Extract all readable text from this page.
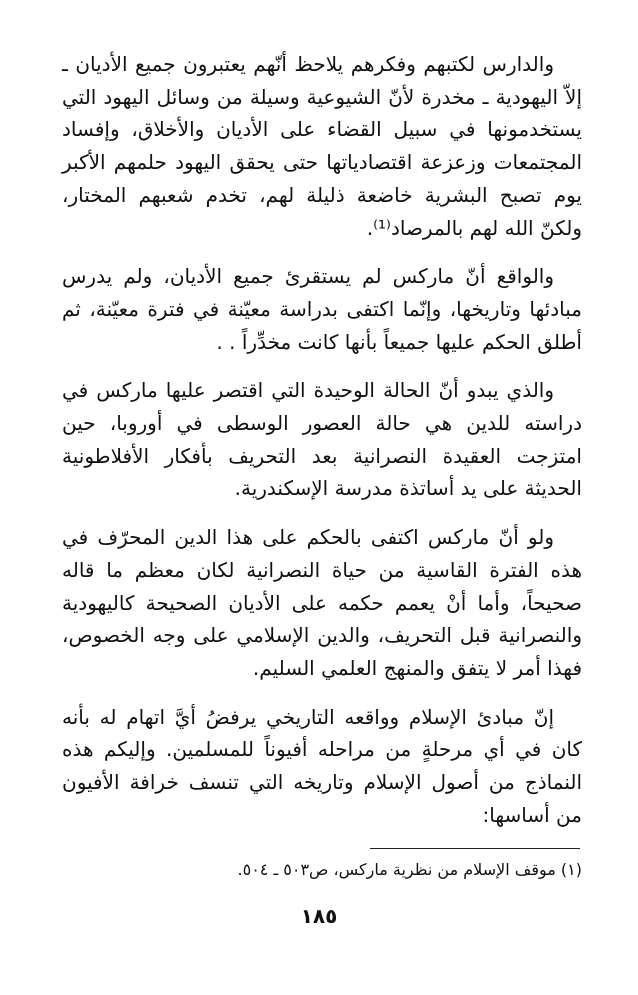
والدارس لكتبهم وفكرهم يلاحظ أنّهم يعتبرون جميع الأديان ـ إلاّ اليهودية ـ مخدرة لأنّ الشيوعية وسيلة من وسائل اليهود التي يستخدمونها في سبيل القضاء على الأديان والأخلاق، وإفساد المجتمعات وزعزعة اقتصادياتها حتى يحقق اليهود حلمهم الأكبر يوم تصبح البشرية خاضعة ذليلة لهم، تخدم شعبهم المختار، ولكنّ الله لهم بالمرصاد⁽¹⁾.

والواقع أنّ ماركس لم يستقرئ جميع الأديان، ولم يدرس مبادئها وتاريخها، وإنّما اكتفى بدراسة معيّنة في فترة معيّنة، ثم أطلق الحكم عليها جميعاً بأنها كانت مخدِّراً . .

والذي يبدو أنّ الحالة الوحيدة التي اقتصر عليها ماركس في دراسته للدين هي حالة العصور الوسطى في أوروبا، حين امتزجت العقيدة النصرانية بعد التحريف بأفكار الأفلاطونية الحديثة على يد أساتذة مدرسة الإسكندرية.

ولو أنّ ماركس اكتفى بالحكم على هذا الدين المحرّف في هذه الفترة القاسية من حياة النصرانية لكان معظم ما قاله صحيحاً، وأما أنْ يعمم حكمه على الأديان الصحيحة كاليهودية والنصرانية قبل التحريف، والدين الإسلامي على وجه الخصوص، فهذا أمر لا يتفق والمنهج العلمي السليم.

إنّ مبادئ الإسلام وواقعه التاريخي يرفضُ أيَّ اتهام له بأنه كان في أي مرحلةٍ من مراحله أفيوناً للمسلمين. وإليكم هذه النماذج من أصول الإسلام وتاريخه التي تنسف خرافة الأفيون من أساسها:

(١) موقف الإسلام من نظرية ماركس، ص٥٠٣ ـ ٥٠٤.
١٨٥
